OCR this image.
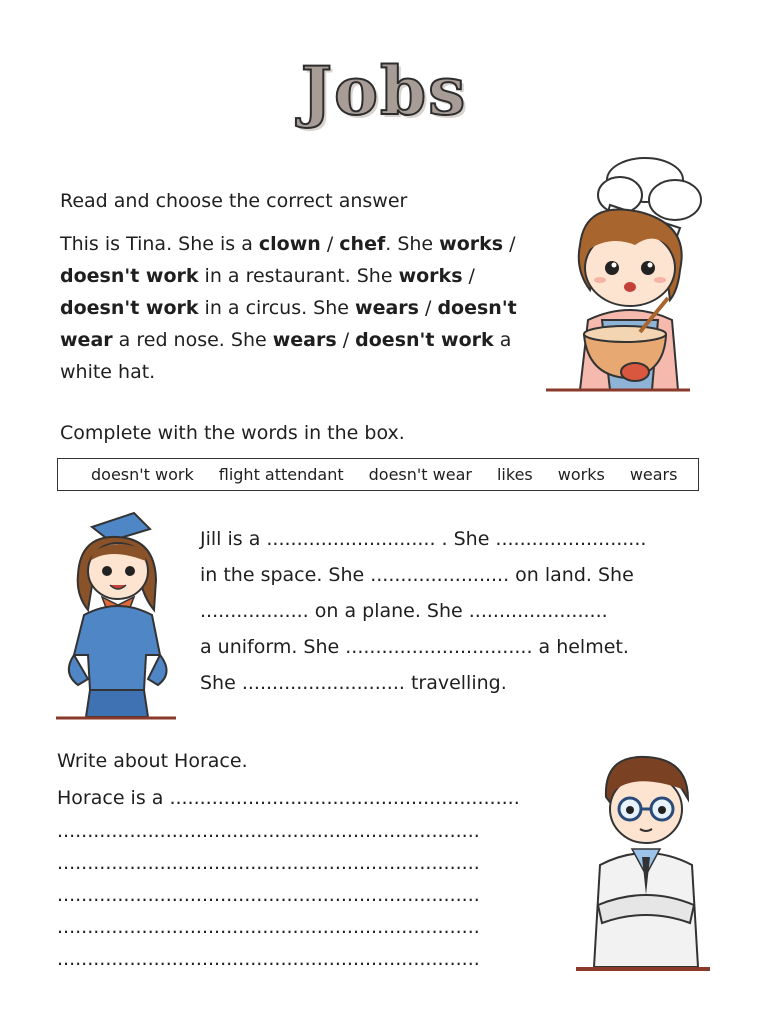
Jobs
Read and choose the correct answer
This is Tina. She is a clown / chef. She works / doesn't work in a restaurant. She works / doesn't work in a circus. She wears / doesn't wear a red nose. She wears / doesn't work a white hat.
Complete with the words in the box.
doesn't work flight attendant doesn't wear likes works wears
Jill is a ............................ . She .........................
in the space. She ....................... on land. She
.................. on a plane. She .......................
a uniform. She ............................... a helmet.
She ........................... travelling.
Write about Horace.
Horace is a ..........................................................
......................................................................
......................................................................
......................................................................
......................................................................
......................................................................
